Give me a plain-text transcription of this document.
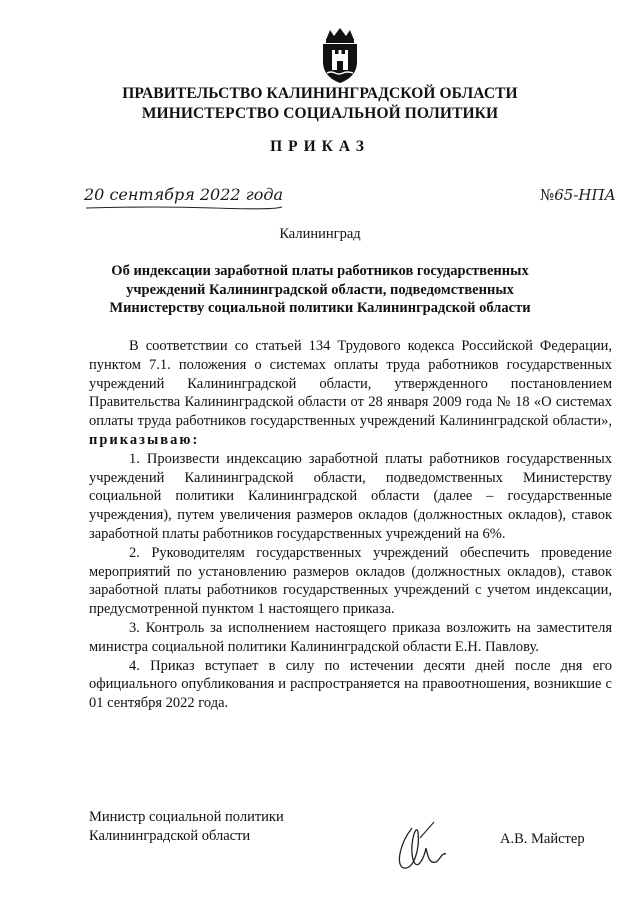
ПРАВИТЕЛЬСТВО КАЛИНИНГРАДСКОЙ ОБЛАСТИ
МИНИСТЕРСТВО СОЦИАЛЬНОЙ ПОЛИТИКИ
ПРИКАЗ
20 сентября 2022 года	№65-НПА
Калининград
Об индексации заработной платы работников государственных учреждений Калининградской области, подведомственных Министерству социальной политики Калининградской области

В соответствии со статьей 134 Трудового кодекса Российской Федерации, пунктом 7.1. положения о системах оплаты труда работников государственных учреждений Калининградской области, утвержденного постановлением Правительства Калининградской области от 28 января 2009 года № 18 «О системах оплаты труда работников государственных учреждений Калининградской области», приказываю:

1. Произвести индексацию заработной платы работников государственных учреждений Калининградской области, подведомственных Министерству социальной политики Калининградской области (далее – государственные учреждения), путем увеличения размеров окладов (должностных окладов), ставок заработной платы работников государственных учреждений на 6%.

2. Руководителям государственных учреждений обеспечить проведение мероприятий по установлению размеров окладов (должностных окладов), ставок заработной платы работников государственных учреждений с учетом индексации, предусмотренной пунктом 1 настоящего приказа.

3. Контроль за исполнением настоящего приказа возложить на заместителя министра социальной политики Калининградской области Е.Н. Павлову.

4. Приказ вступает в силу по истечении десяти дней после дня его официального опубликования и распространяется на правоотношения, возникшие с 01 сентября 2022 года.

Министр социальной политики
Калининградской области	А.В. Майстер
